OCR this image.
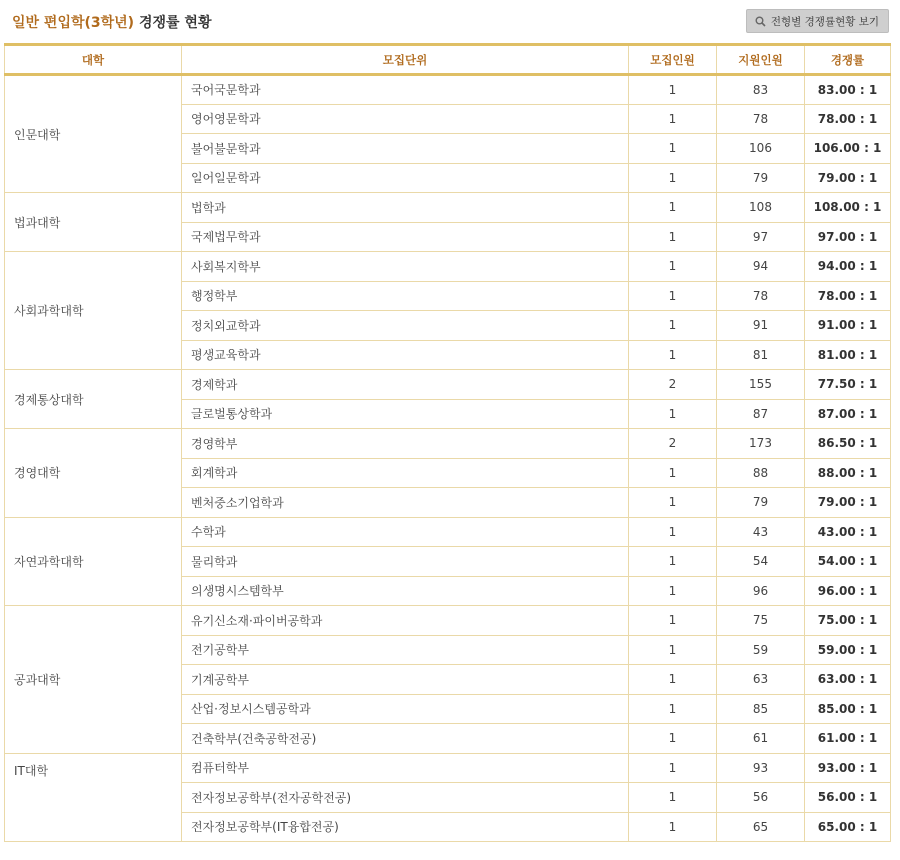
일반 편입학(3학년) 경쟁률 현황	전형별 경쟁률현황 보기
대학	모집단위	모집인원	지원인원	경쟁률
인문대학	국어국문학과	1	83	83.00 : 1
	영어영문학과	1	78	78.00 : 1
	불어불문학과	1	106	106.00 : 1
	일어일문학과	1	79	79.00 : 1
법과대학	법학과	1	108	108.00 : 1
	국제법무학과	1	97	97.00 : 1
사회과학대학	사회복지학부	1	94	94.00 : 1
	행정학부	1	78	78.00 : 1
	정치외교학과	1	91	91.00 : 1
	평생교육학과	1	81	81.00 : 1
경제통상대학	경제학과	2	155	77.50 : 1
	글로벌통상학과	1	87	87.00 : 1
경영대학	경영학부	2	173	86.50 : 1
	회계학과	1	88	88.00 : 1
	벤처중소기업학과	1	79	79.00 : 1
자연과학대학	수학과	1	43	43.00 : 1
	물리학과	1	54	54.00 : 1
	의생명시스템학부	1	96	96.00 : 1
공과대학	유기신소재·파이버공학과	1	75	75.00 : 1
	전기공학부	1	59	59.00 : 1
	기계공학부	1	63	63.00 : 1
	산업·정보시스템공학과	1	85	85.00 : 1
	건축학부(건축공학전공)	1	61	61.00 : 1
IT대학	컴퓨터학부	1	93	93.00 : 1
	전자정보공학부(전자공학전공)	1	56	56.00 : 1
	전자정보공학부(IT융합전공)	1	65	65.00 : 1
